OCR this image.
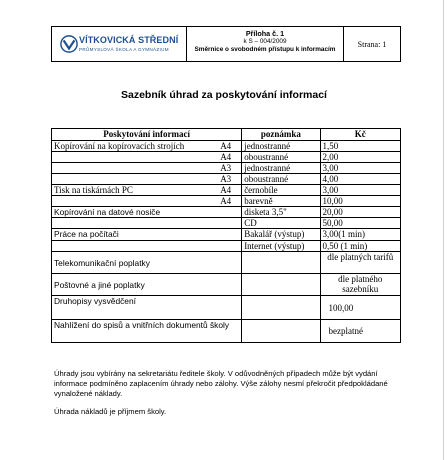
VÍTKOVICKÁ STŘEDNÍ
PRŮMYSLOVÁ ŠKOLA A GYMNÁZIUM
Příloha č. 1
k S – 004/2009
Směrnice o svobodném přístupu k informacím
Strana: 1
Sazebník úhrad za poskytování informací
Poskytování informací	poznámka	Kč

Kopírování na kopírovacích strojích A4	jednostranné	1,50

A4	oboustranné	2,00

A3	jednostranné	3,00

A3	oboustranné	4,00

Tisk na tiskárnách PC A4	černobíle	3,00

A4	barevně	10,00
Kopírování na datové nosiče	disketa 3,5"	20,00
	CD	50,00
Práce na počítači	Bakalář (výstup)	3,00(1 min)
	Internet (výstup)	0,50 (1 min)
Telekomunikační poplatky		dle platných tarifů
Poštovné a jiné poplatky		dle platného sazebníku
Druhopisy vysvědčení		100,00
Nahlížení do spisů a vnitřních dokumentů školy		bezplatné

Úhrady jsou vybírány na sekretariátu ředitele školy. V odůvodněných případech může být vydání informace podmíněno zaplacením úhrady nebo zálohy. Výše zálohy nesmí překročit předpokládané vynaložené náklady.

Úhrada nákladů je příjmem školy.
